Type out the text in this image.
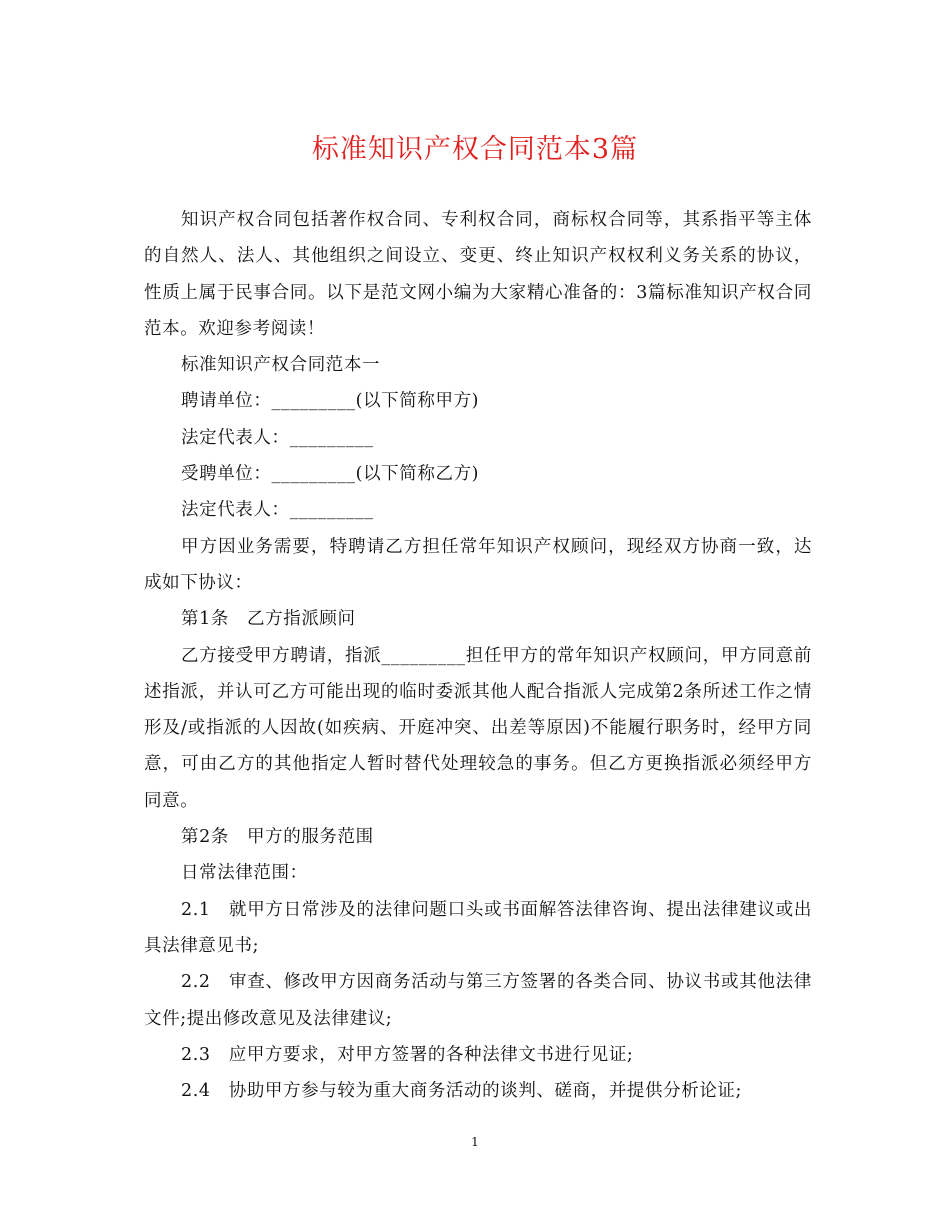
标准知识产权合同范本3篇

知识产权合同包括著作权合同、专利权合同，商标权合同等，其系指平等主体的自然人、法人、其他组织之间设立、变更、终止知识产权权利义务关系的协议，性质上属于民事合同。以下是范文网小编为大家精心准备的：3篇标准知识产权合同范本。欢迎参考阅读！

标准知识产权合同范本一

聘请单位：_________(以下简称甲方)

法定代表人：_________

受聘单位：_________(以下简称乙方)

法定代表人：_________

甲方因业务需要，特聘请乙方担任常年知识产权顾问，现经双方协商一致，达成如下协议：

第1条　乙方指派顾问

乙方接受甲方聘请，指派_________担任甲方的常年知识产权顾问，甲方同意前述指派，并认可乙方可能出现的临时委派其他人配合指派人完成第2条所述工作之情形及/或指派的人因故(如疾病、开庭冲突、出差等原因)不能履行职务时，经甲方同意，可由乙方的其他指定人暂时替代处理较急的事务。但乙方更换指派必须经甲方同意。

第2条　甲方的服务范围

日常法律范围：

2.1　就甲方日常涉及的法律问题口头或书面解答法律咨询、提出法律建议或出具法律意见书;

2.2　审查、修改甲方因商务活动与第三方签署的各类合同、协议书或其他法律文件;提出修改意见及法律建议;

2.3　应甲方要求，对甲方签署的各种法律文书进行见证;

2.4　协助甲方参与较为重大商务活动的谈判、磋商，并提供分析论证;

1
